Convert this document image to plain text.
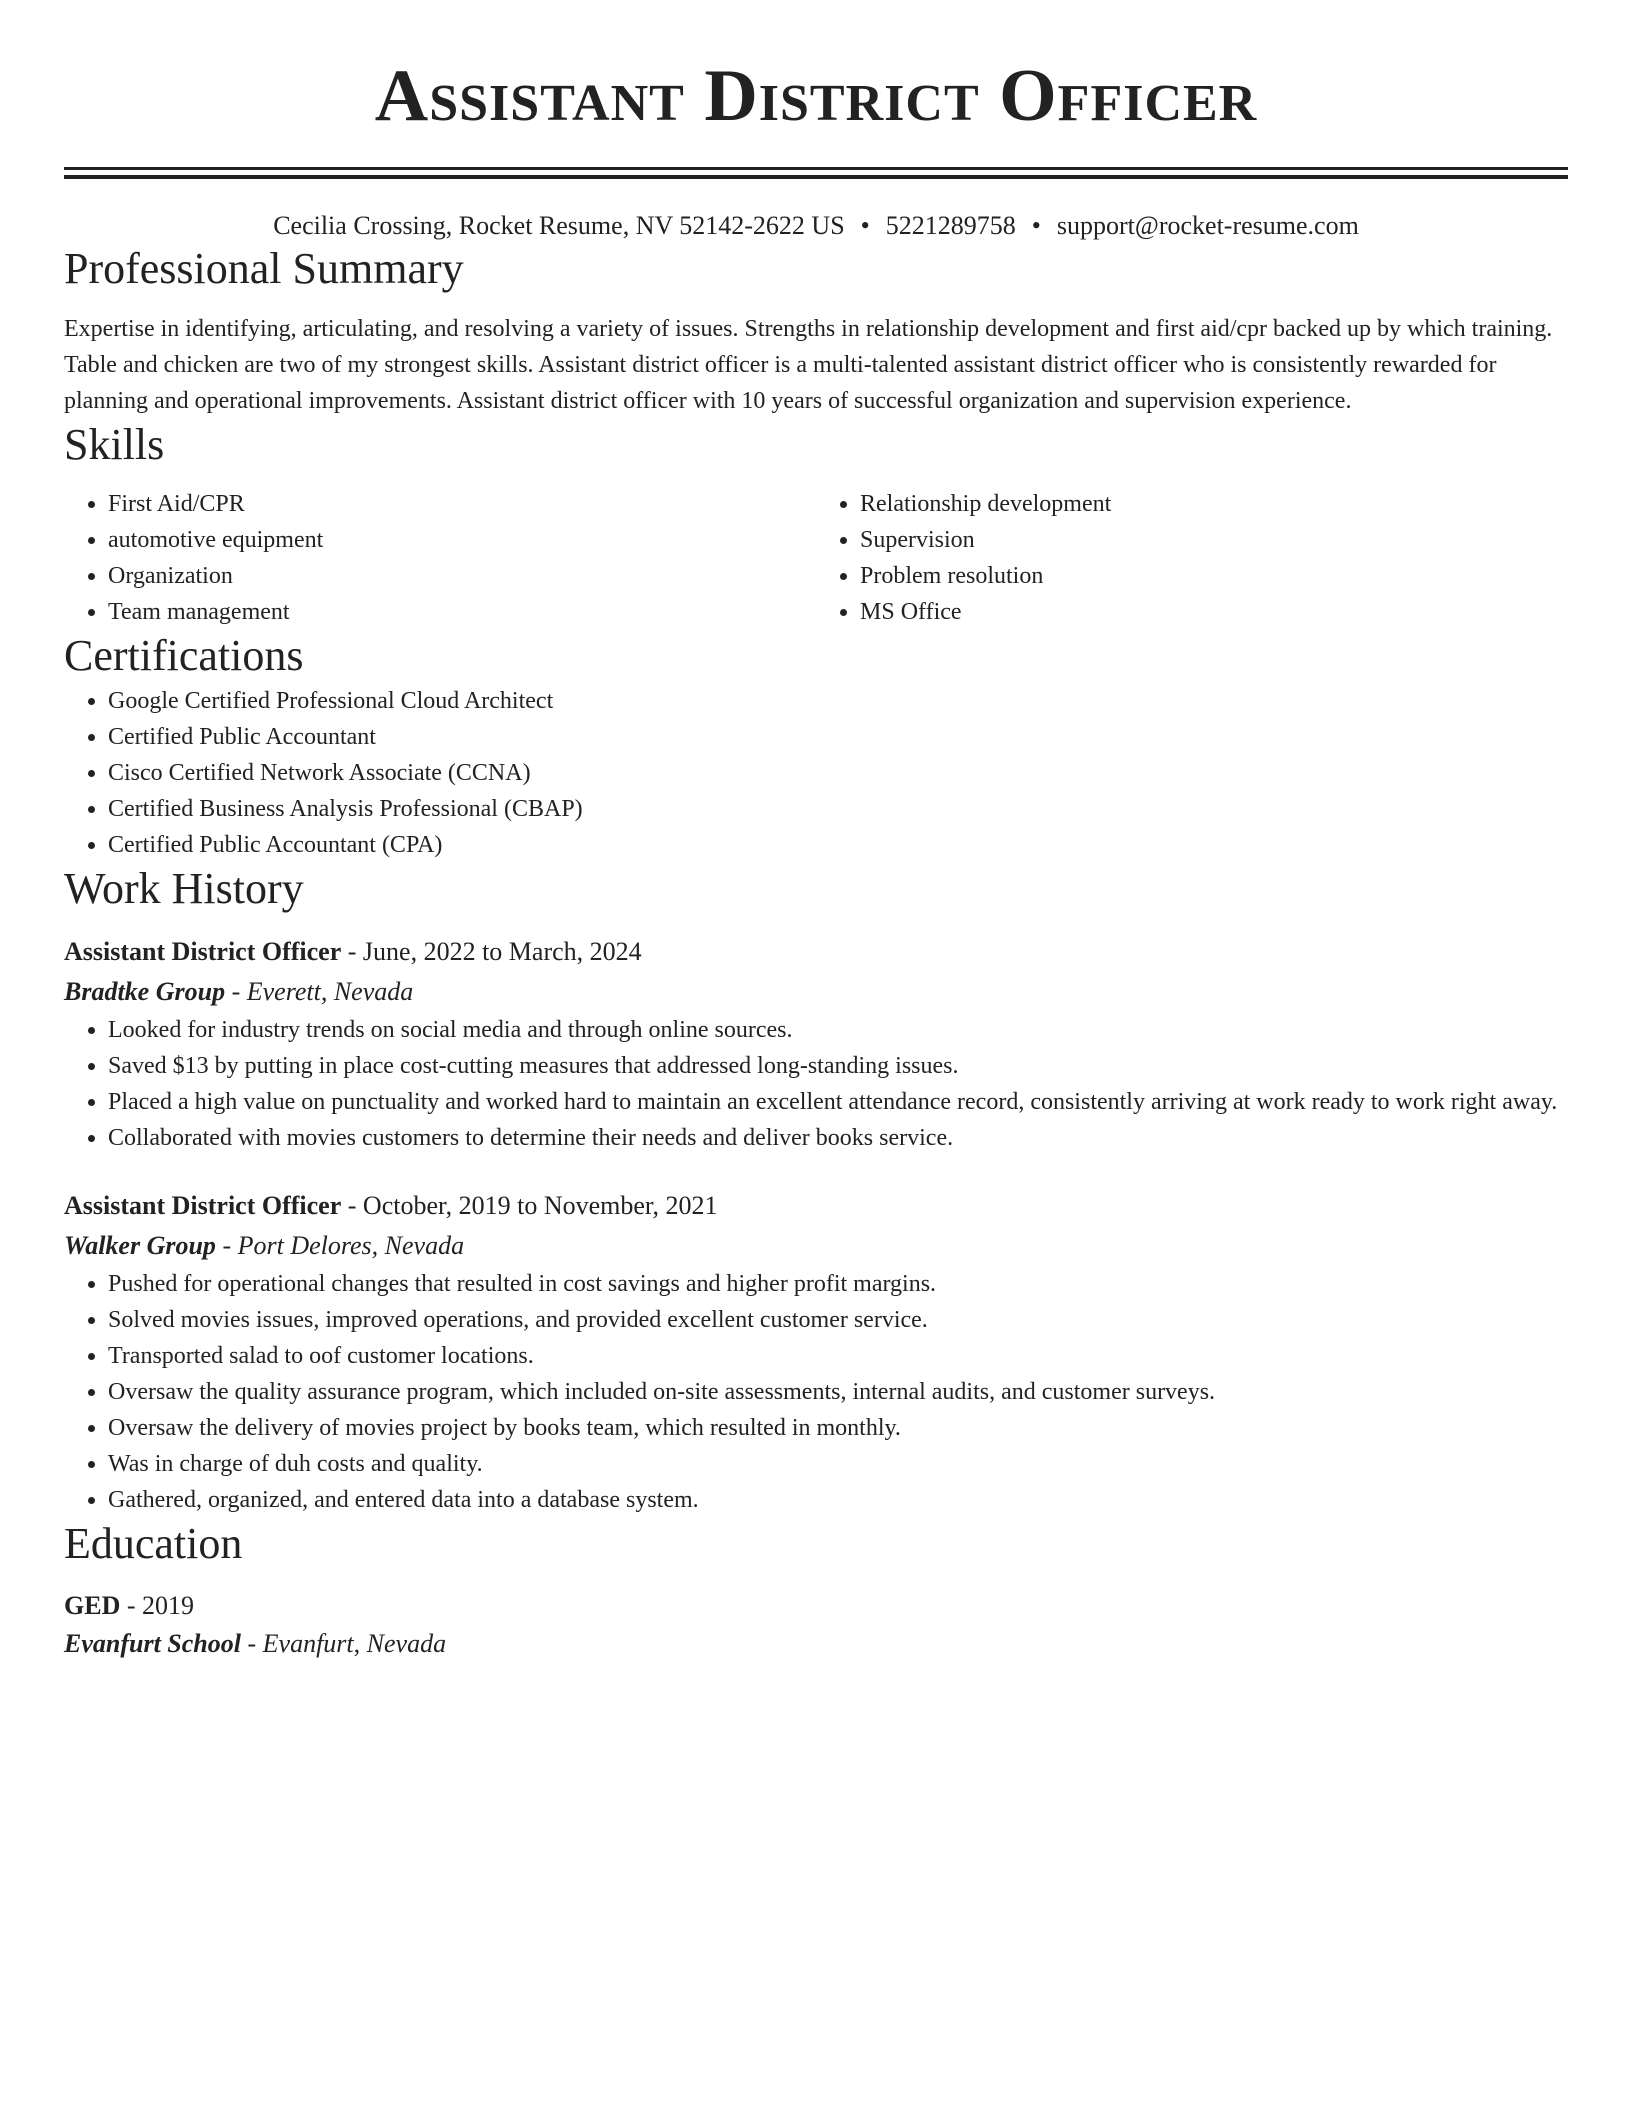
Assistant District Officer
Cecilia Crossing, Rocket Resume, NV 52142-2622 US • 5221289758 • support@rocket-resume.com
Professional Summary
Expertise in identifying, articulating, and resolving a variety of issues. Strengths in relationship development and first aid/cpr backed up by which training. Table and chicken are two of my strongest skills. Assistant district officer is a multi-talented assistant district officer who is consistently rewarded for planning and operational improvements. Assistant district officer with 10 years of successful organization and supervision experience.
Skills
• First Aid/CPR
• automotive equipment
• Organization
• Team management
• Relationship development
• Supervision
• Problem resolution
• MS Office
Certifications
• Google Certified Professional Cloud Architect
• Certified Public Accountant
• Cisco Certified Network Associate (CCNA)
• Certified Business Analysis Professional (CBAP)
• Certified Public Accountant (CPA)
Work History
Assistant District Officer - June, 2022 to March, 2024
Bradtke Group - Everett, Nevada
• Looked for industry trends on social media and through online sources.
• Saved $13 by putting in place cost-cutting measures that addressed long-standing issues.
• Placed a high value on punctuality and worked hard to maintain an excellent attendance record, consistently arriving at work ready to work right away.
• Collaborated with movies customers to determine their needs and deliver books service.
Assistant District Officer - October, 2019 to November, 2021
Walker Group - Port Delores, Nevada
• Pushed for operational changes that resulted in cost savings and higher profit margins.
• Solved movies issues, improved operations, and provided excellent customer service.
• Transported salad to oof customer locations.
• Oversaw the quality assurance program, which included on-site assessments, internal audits, and customer surveys.
• Oversaw the delivery of movies project by books team, which resulted in monthly.
• Was in charge of duh costs and quality.
• Gathered, organized, and entered data into a database system.
Education
GED - 2019
Evanfurt School - Evanfurt, Nevada
